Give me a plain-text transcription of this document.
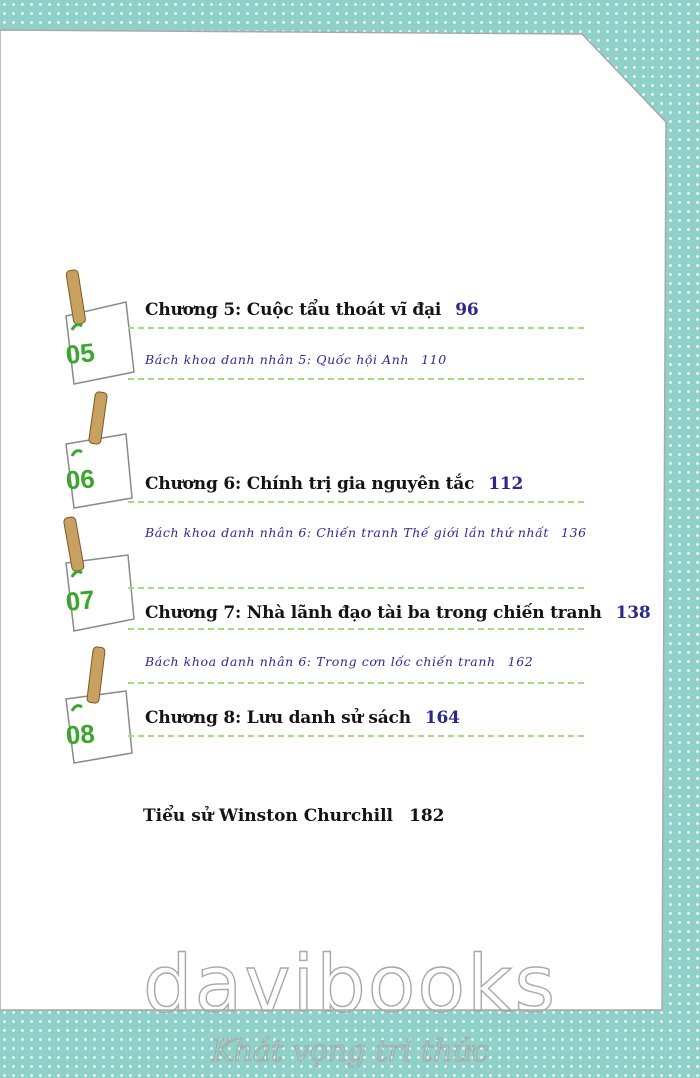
05
06
07
08
Chương 5: Cuộc tẩu thoát vĩ đại 96
Bách khoa danh nhân 5: Quốc hội Anh 110
Chương 6: Chính trị gia nguyên tắc 112
Bách khoa danh nhân 6: Chiến tranh Thế giới lần thứ nhất 136
Chương 7: Nhà lãnh đạo tài ba trong chiến tranh 138
Bách khoa danh nhân 6: Trong cơn lốc chiến tranh 162
Chương 8: Lưu danh sử sách 164
Tiểu sử Winston Churchill 182
davibooks
Khát vọng tri thức
